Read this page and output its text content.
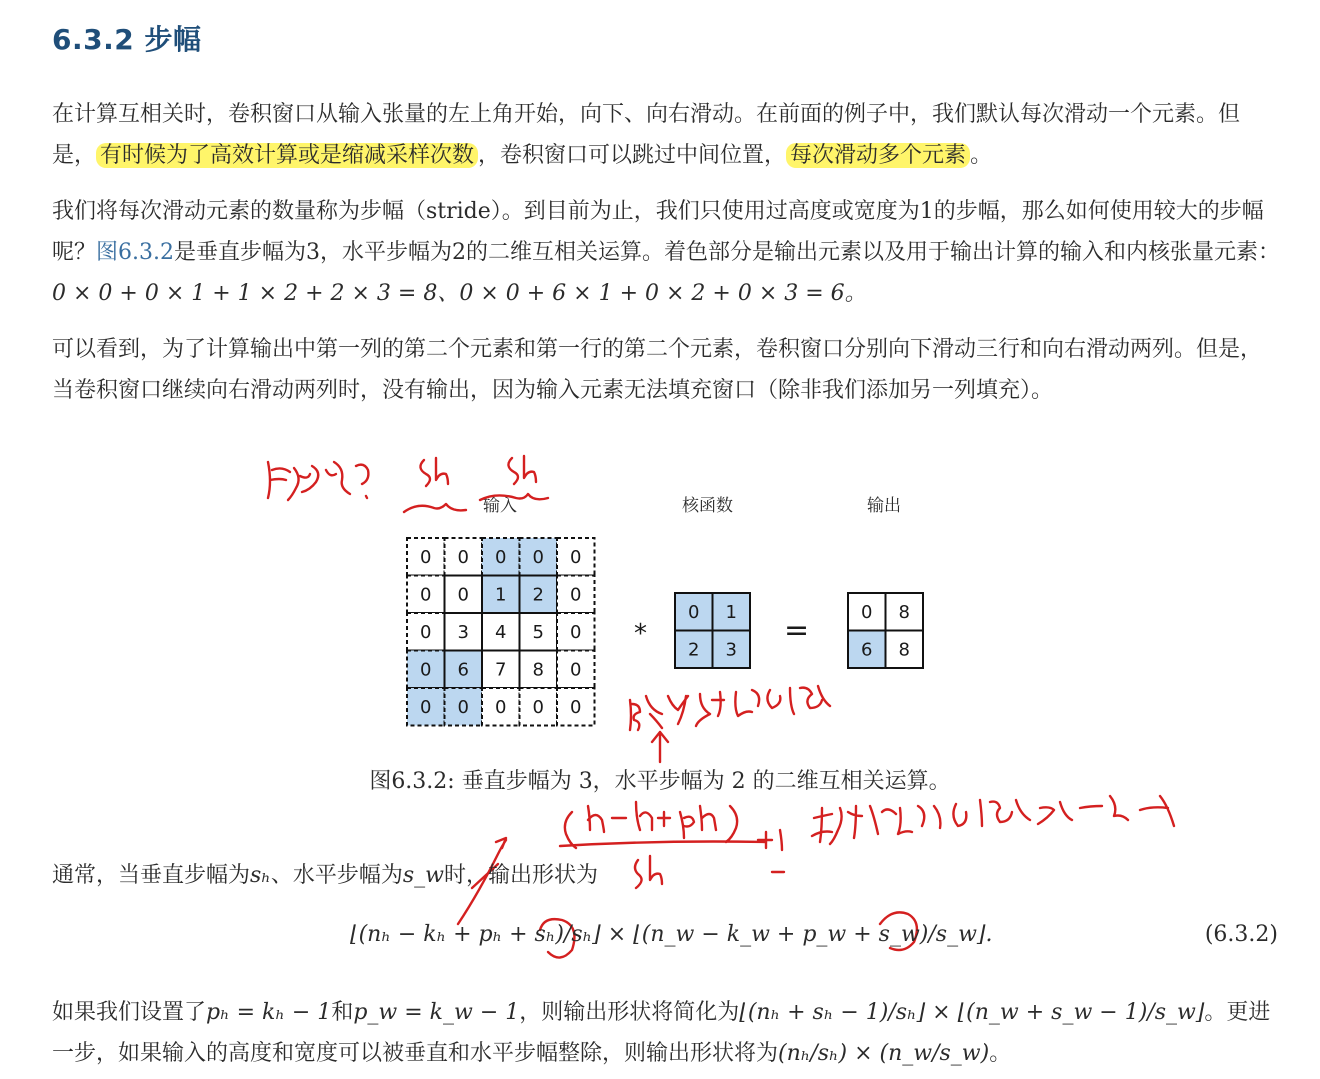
6.3.2 步幅

在计算互相关时，卷积窗口从输入张量的左上角开始，向下、向右滑动。在前面的例子中，我们默认每次滑动一个元素。但是， 有时候为了高效计算或是缩减采样次数 ，卷积窗口可以跳过中间位置， 每次滑动多个元素 。

我们将每次滑动元素的数量称为步幅（stride）。到目前为止，我们只使用过高度或宽度为1的步幅，那么如何使用较大的步幅呢？图6.3.2是垂直步幅为3，水平步幅为2的二维互相关运算。着色部分是输出元素以及用于输出计算的输入和内核张量元素：0 × 0 + 0 × 1 + 1 × 2 + 2 × 3 = 8、0 × 0 + 6 × 1 + 0 × 2 + 0 × 3 = 6。

可以看到，为了计算输出中第一列的第二个元素和第一行的第二个元素，卷积窗口分别向下滑动三行和向右滑动两列。但是，当卷积窗口继续向右滑动两列时，没有输出，因为输入元素无法填充窗口（除非我们添加另一列填充）。

输入	核函数	输出
0 0 0 0 0
0 0 1 2 0
0 3 4 5 0
0 6 7 8 0
0 0 0 0 0
*
0 1
2 3
=
0 8
6 8
图6.3.2: 垂直步幅为 3，水平步幅为 2 的二维互相关运算。

通常，当垂直步幅为sₕ、水平步幅为s_w时，输出形状为

⌊(nₕ − kₕ + pₕ + sₕ)/sₕ⌋ × ⌊(n_w − k_w + p_w + s_w)/s_w⌋.	(6.3.2)

如果我们设置了pₕ = kₕ − 1和p_w = k_w − 1，则输出形状将简化为⌊(nₕ + sₕ − 1)/sₕ⌋ × ⌊(n_w + s_w − 1)/s_w⌋。更进一步，如果输入的高度和宽度可以被垂直和水平步幅整除，则输出形状将为(nₕ/sₕ) × (n_w/s_w)。
